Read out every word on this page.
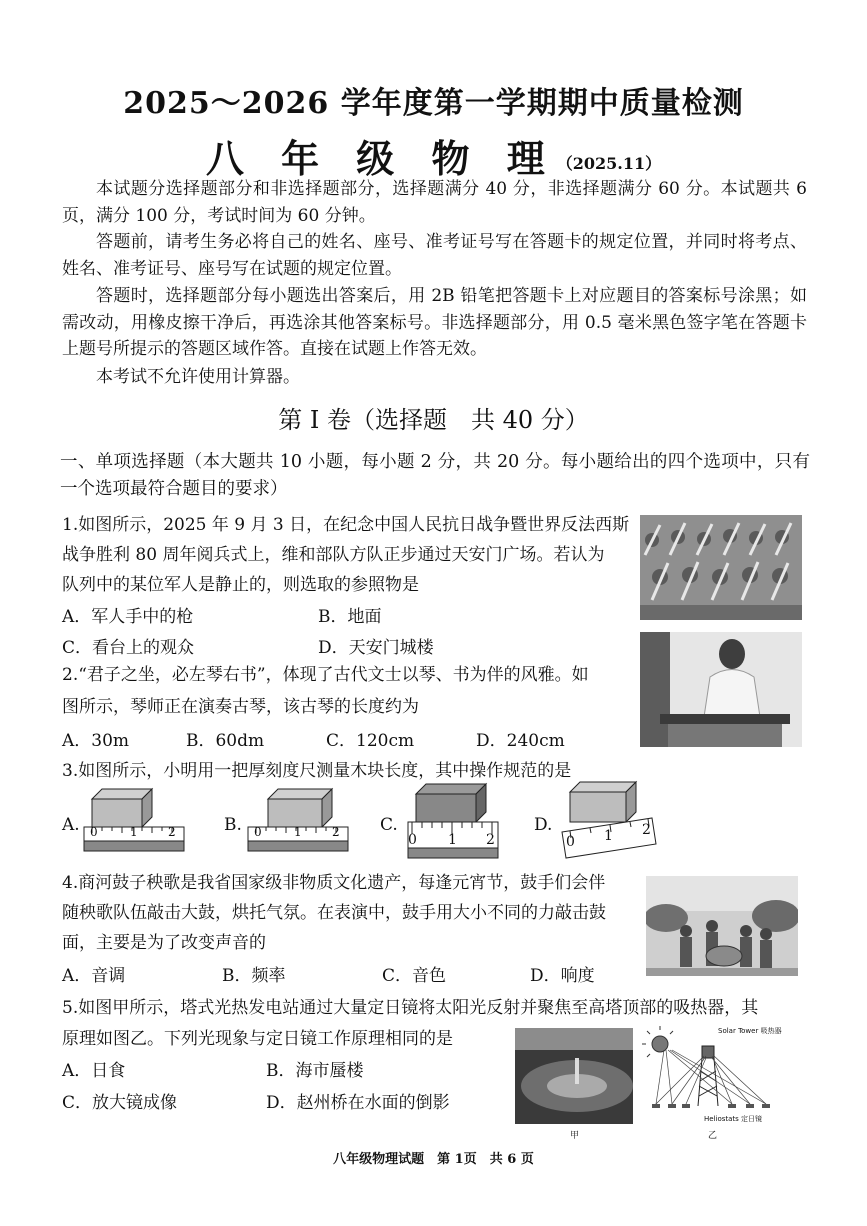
2025～2026 学年度第一学期期中质量检测
八 年 级 物 理（2025.11）
本试题分选择题部分和非选择题部分，选择题满分 40 分，非选择题满分 60 分。本试题共 6 页，满分 100 分，考试时间为 60 分钟。
答题前，请考生务必将自己的姓名、座号、准考证号写在答题卡的规定位置，并同时将考点、姓名、准考证号、座号写在试题的规定位置。
答题时，选择题部分每小题选出答案后，用 2B 铅笔把答题卡上对应题目的答案标号涂黑；如需改动，用橡皮擦干净后，再选涂其他答案标号。非选择题部分，用 0.5 毫米黑色签字笔在答题卡上题号所提示的答题区域作答。直接在试题上作答无效。
本考试不允许使用计算器。
第 I 卷（选择题　共 40 分）
一、单项选择题（本大题共 10 小题，每小题 2 分，共 20 分。每小题给出的四个选项中，只有一个选项最符合题目的要求）
1.如图所示，2025 年 9 月 3 日，在纪念中国人民抗日战争暨世界反法西斯
战争胜利 80 周年阅兵式上，维和部队方队正步通过天安门广场。若认为
队列中的某位军人是静止的，则选取的参照物是
A．军人手中的枪	B．地面
C．看台上的观众	D．天安门城楼
2.“君子之坐，必左琴右书”，体现了古代文士以琴、书为伴的风雅。如
图所示，琴师正在演奏古琴，该古琴的长度约为
A．30m	B．60dm	C．120cm	D．240cm
3.如图所示，小明用一把厚刻度尺测量木块长度，其中操作规范的是
A. 0	1	2	B. 0	1	2 C.
0 1 2
D.
0 1 2
4.商河鼓子秧歌是我省国家级非物质文化遗产，每逢元宵节，鼓手们会伴
随秧歌队伍敲击大鼓，烘托气氛。在表演中，鼓手用大小不同的力敲击鼓
面，主要是为了改变声音的
A．音调	B．频率	C．音色	D．响度
5.如图甲所示，塔式光热发电站通过大量定日镜将太阳光反射并聚焦至高塔顶部的吸热器，其
原理如图乙。下列光现象与定日镜工作原理相同的是
A．日食	B．海市蜃楼
C．放大镜成像	D．赵州桥在水面的倒影
甲
Solar Tower 吸热器
Heliostats 定日镜
乙
八年级物理试题　第 1页　共 6 页
